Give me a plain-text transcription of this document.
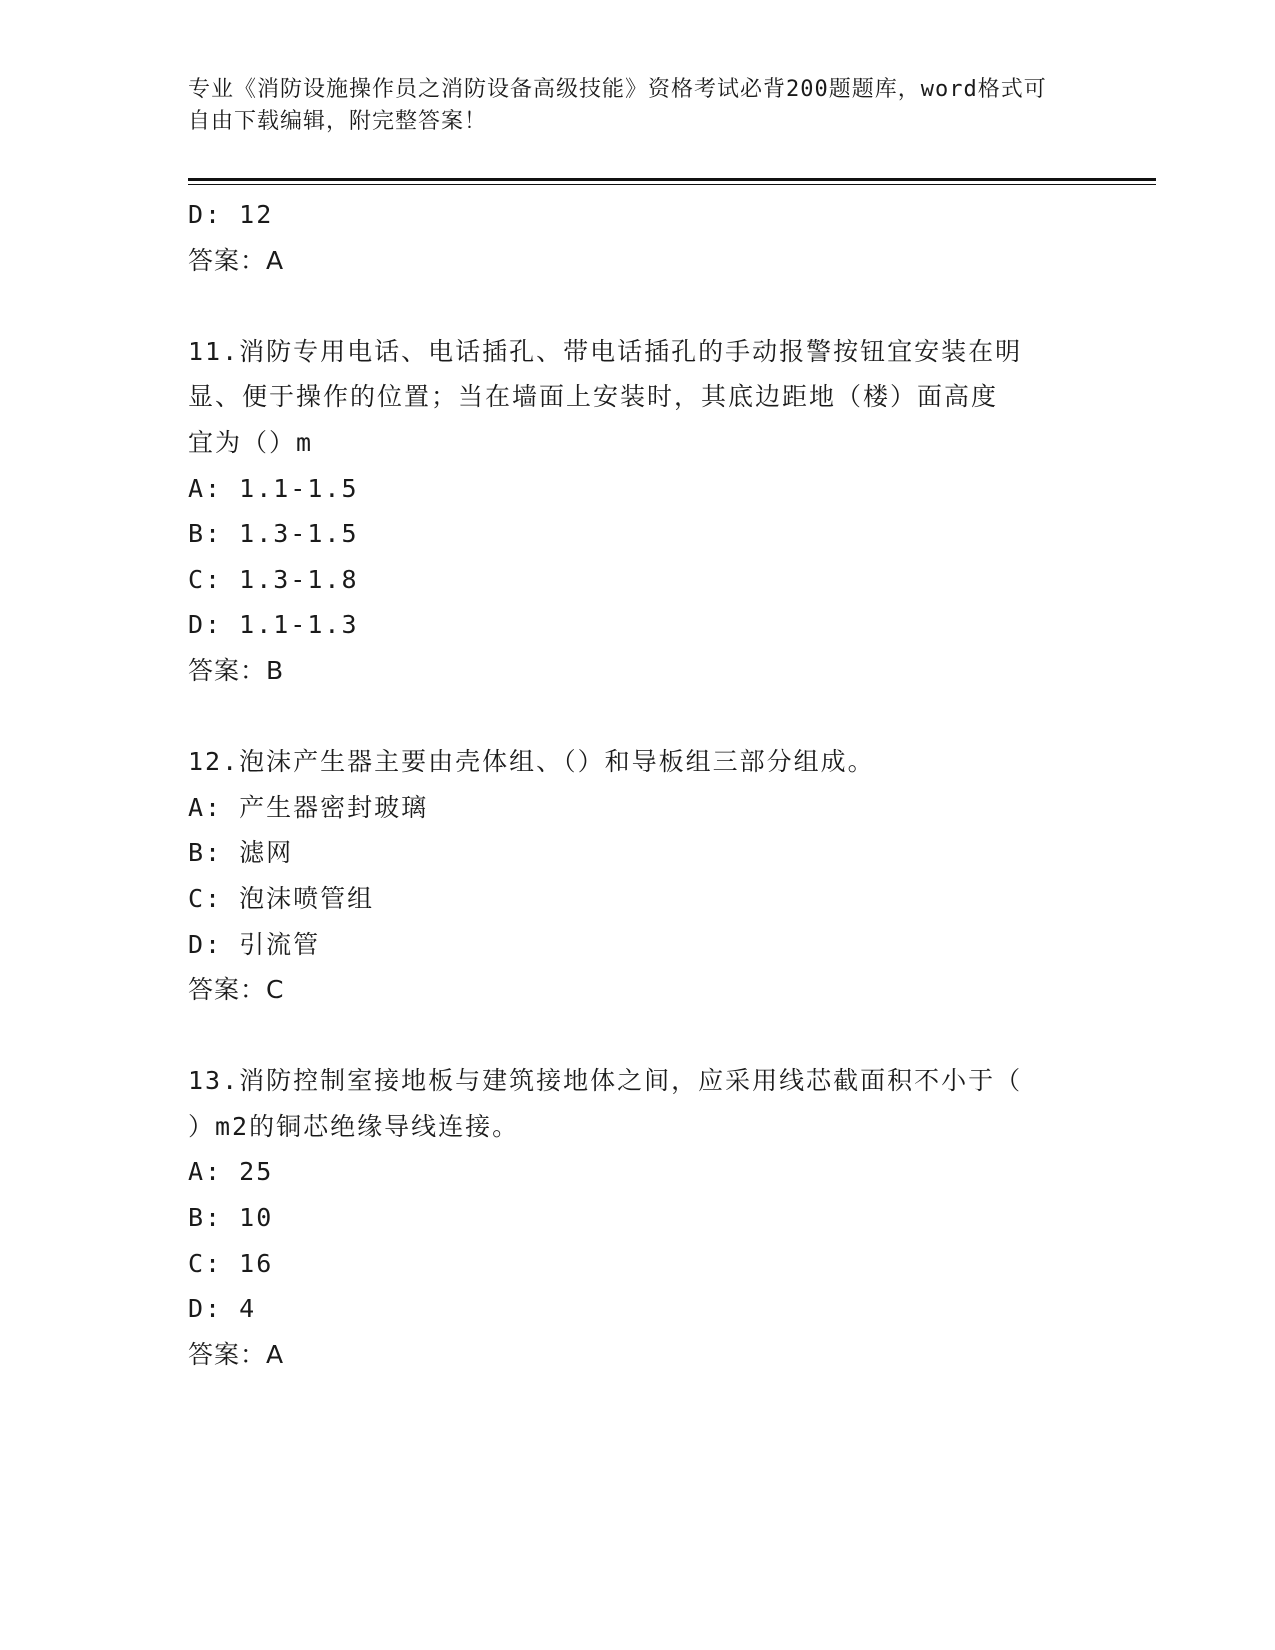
专业《消防设施操作员之消防设备高级技能》资格考试必背200题题库，word格式可自由下载编辑，附完整答案！
D: 12
答案：A
11.消防专用电话、电话插孔、带电话插孔的手动报警按钮宜安装在明
显、便于操作的位置；当在墙面上安装时，其底边距地（楼）面高度
宜为（）m
A: 1.1-1.5
B: 1.3-1.5
C: 1.3-1.8
D: 1.1-1.3
答案：B
12.泡沫产生器主要由壳体组、（）和导板组三部分组成。
A: 产生器密封玻璃
B: 滤网
C: 泡沫喷管组
D: 引流管
答案：C
13.消防控制室接地板与建筑接地体之间，应采用线芯截面积不小于（
）m2的铜芯绝缘导线连接。
A: 25
B: 10
C: 16
D: 4
答案：A
